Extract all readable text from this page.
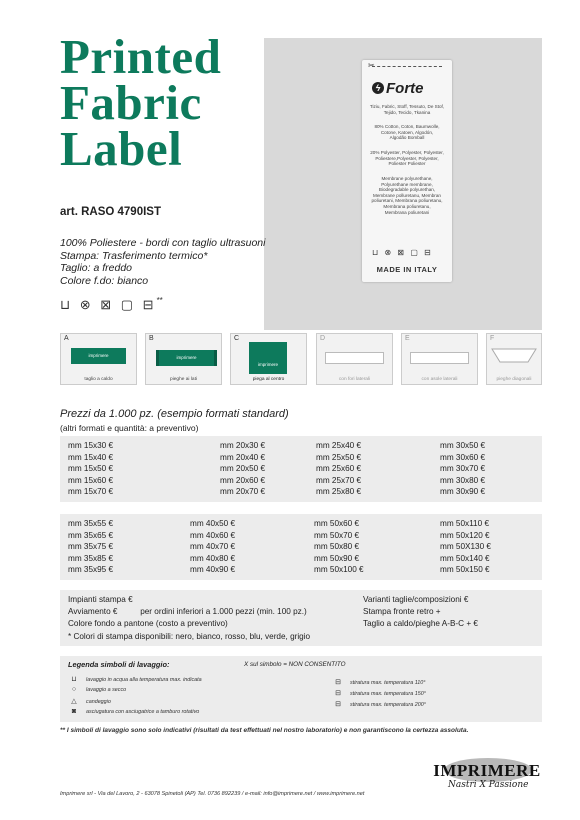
Printed
Fabric
Label
✂
ϟ Forte
Tiziu, Fabric, Stoff, Tessuto, De Stof,
Tejido, Tecido, Tkanina
80% Cotton, Coton, Baumwolle,
Cotone, Katoen, Algodón,
Algodão Bomball
20% Polyester, Polyester, Polyester,
Poliestere,Polyester, Polyester,
Poliester Poliester
Membrane polyurethane,
Polyurethane membrane,
Biodegradable polyurethan,
Membrane polluretanu, Membran
poliuretani, Membrana poliuretanu,
Membrana poliuretanu,
Membrana poliuretani
⊔ ⊗ ⊠ ▢ ⊟
MADE IN ITALY
art. RASO 4790IST
100% Poliestere - bordi con taglio ultrasuoni
Stampa: Trasferimento termico*
Taglio: a freddo
Colore f.do: bianco
⊔ ⊗ ⊠ ▢ ⊟**
A
imprimere
taglio a caldo
B
imprimere
pieghe ai lati
C
imprimere
piega al centro
D
con fori laterali
E
con asole laterali
F
pieghe diagonali
Prezzi da 1.000 pz. (esempio formati standard)
(altri formati e quantità: a preventivo)
mm 15x30 €
mm 15x40 €
mm 15x50 €
mm 15x60 €
mm 15x70 €
mm 20x30 €
mm 20x40 €
mm 20x50 €
mm 20x60 €
mm 20x70 €
mm 25x40 €
mm 25x50 €
mm 25x60 €
mm 25x70 €
mm 25x80 €
mm 30x50 €
mm 30x60 €
mm 30x70 €
mm 30x80 €
mm 30x90 €
mm 35x55 €
mm 35x65 €
mm 35x75 €
mm 35x85 €
mm 35x95 €
mm 40x50 €
mm 40x60 €
mm 40x70 €
mm 40x80 €
mm 40x90 €
mm 50x60 €
mm 50x70 €
mm 50x80 €
mm 50x90 €
mm 50x100 €
mm 50x110 €
mm 50x120 €
mm 50X130 €
mm 50x140 €
mm 50x150 €
Impianti stampa €
Avviamento €          per ordini inferiori a 1.000 pezzi (min. 100 pz.)
Colore fondo a pantone (costo a preventivo)
Varianti taglie/composizioni €
Stampa fronte retro +
Taglio a caldo/pieghe A-B-C + €
* Colori di stampa disponibili: nero, bianco, rosso, blu, verde, grigio
Legenda simboli di lavaggio:	X sul simbolo = NON CONSENTITO
⊔ lavaggio in acqua alla temperatura max. indicata
○ lavaggio a secco
△ candeggio
◙ asciugatura con asciugatrice a tamburo rotativo
⊟ stiratura max. temperatura 110°
⊟ stiratura max. temperatura 150°
⊟ stiratura max. temperatura 200°
** I simboli di lavaggio sono solo indicativi (risultati da test effettuati nel nostro laboratorio) e non garantiscono la certezza assoluta.
IMPRIMERE
Nastri X Passione
Imprimere srl - Via del Lavoro, 2 - 63078 Spinetoli (AP) Tel. 0736 892239 / e-mail: info@imprimere.net / www.imprimere.net
